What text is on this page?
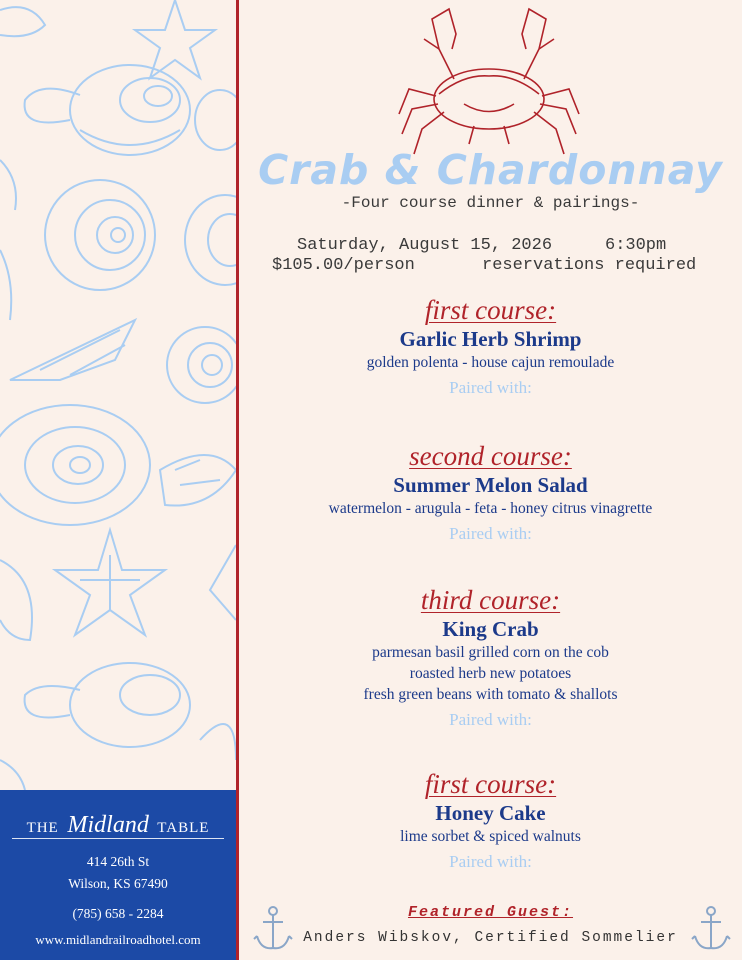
THE Midland TABLE
414 26th St
Wilson, KS 67490
(785) 658 - 2284
www.midlandrailroadhotel.com
Crab & Chardonnay
-Four course dinner & pairings-
Saturday, August 15, 2026	6:30pm
$105.00/person	reservations required
first course:
Garlic Herb Shrimp
golden polenta - house cajun remoulade
Paired with:
second course:
Summer Melon Salad
watermelon - arugula - feta - honey citrus vinagrette
Paired with:
third course:
King Crab
parmesan basil grilled corn on the cob
roasted herb new potatoes
fresh green beans with tomato & shallots
Paired with:
first course:
Honey Cake
lime sorbet & spiced walnuts
Paired with:
Featured Guest:
Anders Wibskov, Certified Sommelier
